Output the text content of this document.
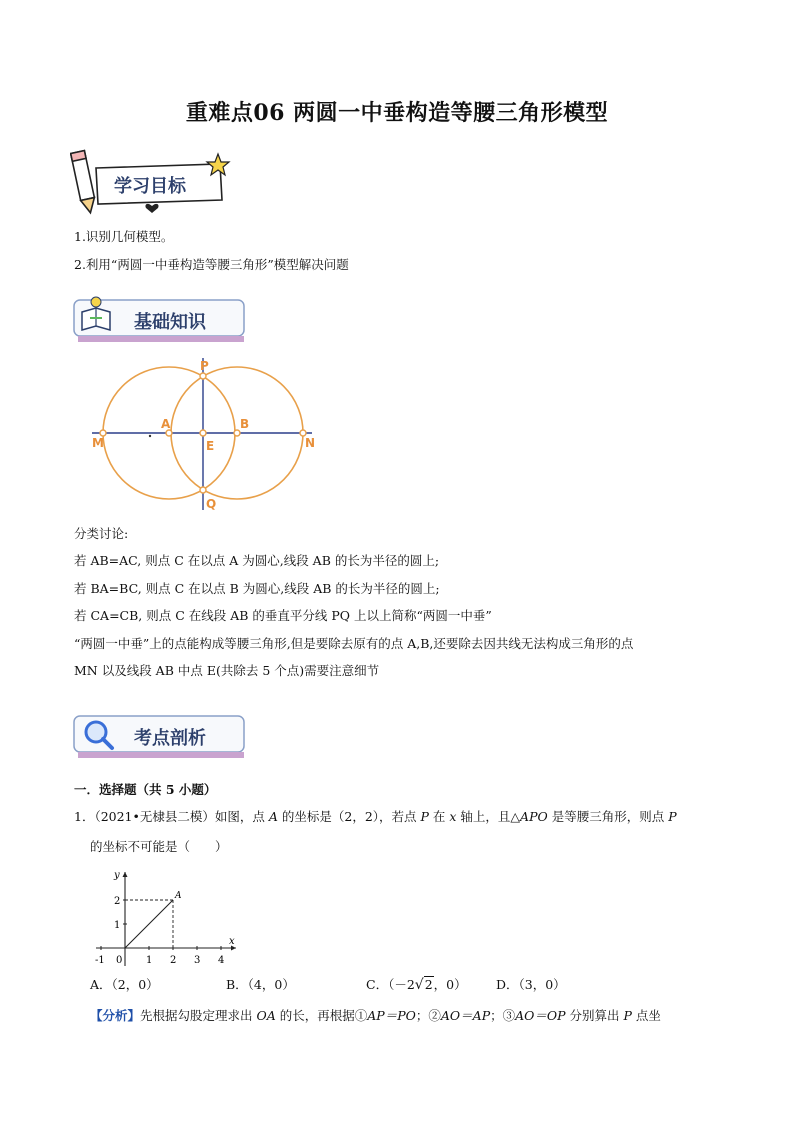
重难点06 两圆一中垂构造等腰三角形模型
学习目标
1.识别几何模型。
2.利用“两圆一中垂构造等腰三角形”模型解决问题
基础知识
P
A	B
E
M	N
Q
分类讨论:
若 AB=AC, 则点 C 在以点 A 为圆心,线段 AB 的长为半径的圆上;
若 BA=BC, 则点 C 在以点 B 为圆心,线段 AB 的长为半径的圆上;
若 CA=CB, 则点 C 在线段 AB 的垂直平分线 PQ 上以上简称“两圆一中垂”
“两圆一中垂”上的点能构成等腰三角形,但是要除去原有的点 A,B,还要除去因共线无法构成三角形的点
MN 以及线段 AB 中点 E(共除去 5 个点)需要注意细节
考点剖析
一．选择题（共 5 小题）
1．（2021•无棣县二模）如图，点 A 的坐标是（2，2），若点 P 在 x 轴上，且△APO 是等腰三角形，则点 P
的坐标不可能是（　　）
y
x
A
-1 0 1 2 3 4
1
2
A．（2，0）	B．（4，0）	C．（－2√2，0） D．（3，0）
【分析】先根据勾股定理求出 OA 的长，再根据①AP＝PO；②AO＝AP；③AO＝OP 分别算出 P 点坐
